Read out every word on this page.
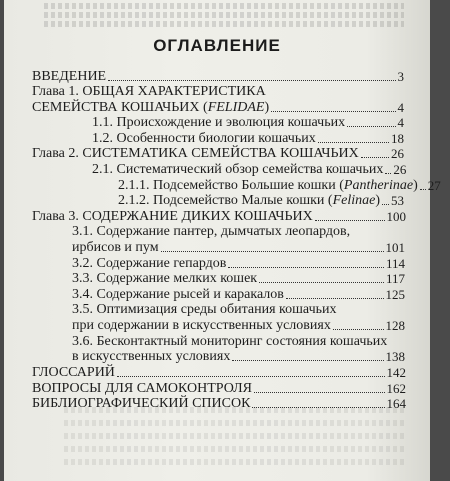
ОГЛАВЛЕНИЕ
ВВЕДЕНИЕ	3
Глава 1. ОБЩАЯ ХАРАКТЕРИСТИКА
СЕМЕЙСТВА КОШАЧЬИХ (FELIDAE)	4
1.1. Происхождение и эволюция кошачьих	4
1.2. Особенности биологии кошачьих	18
Глава 2. СИСТЕМАТИКА СЕМЕЙСТВА КОШАЧЬИХ 26
2.1. Систематический обзор семейства кошачьих 26
2.1.1. Подсемейство Большие кошки (Pantherinae) 27
2.1.2. Подсемейство Малые кошки (Felinae) 53
Глава 3. СОДЕРЖАНИЕ ДИКИХ КОШАЧЬИХ	100
3.1. Содержание пантер, дымчатых леопардов,
ирбисов и пум	101
3.2. Содержание гепардов	114
3.3. Содержание мелких кошек	117
3.4. Содержание рысей и каракалов	125
3.5. Оптимизация среды обитания кошачьих
при содержании в искусственных условиях	128
3.6. Бесконтактный мониторинг состояния кошачьих
в искусственных условиях	138
ГЛОССАРИЙ	142
ВОПРОСЫ ДЛЯ САМОКОНТРОЛЯ	162
БИБЛИОГРАФИЧЕСКИЙ СПИСОК	164
